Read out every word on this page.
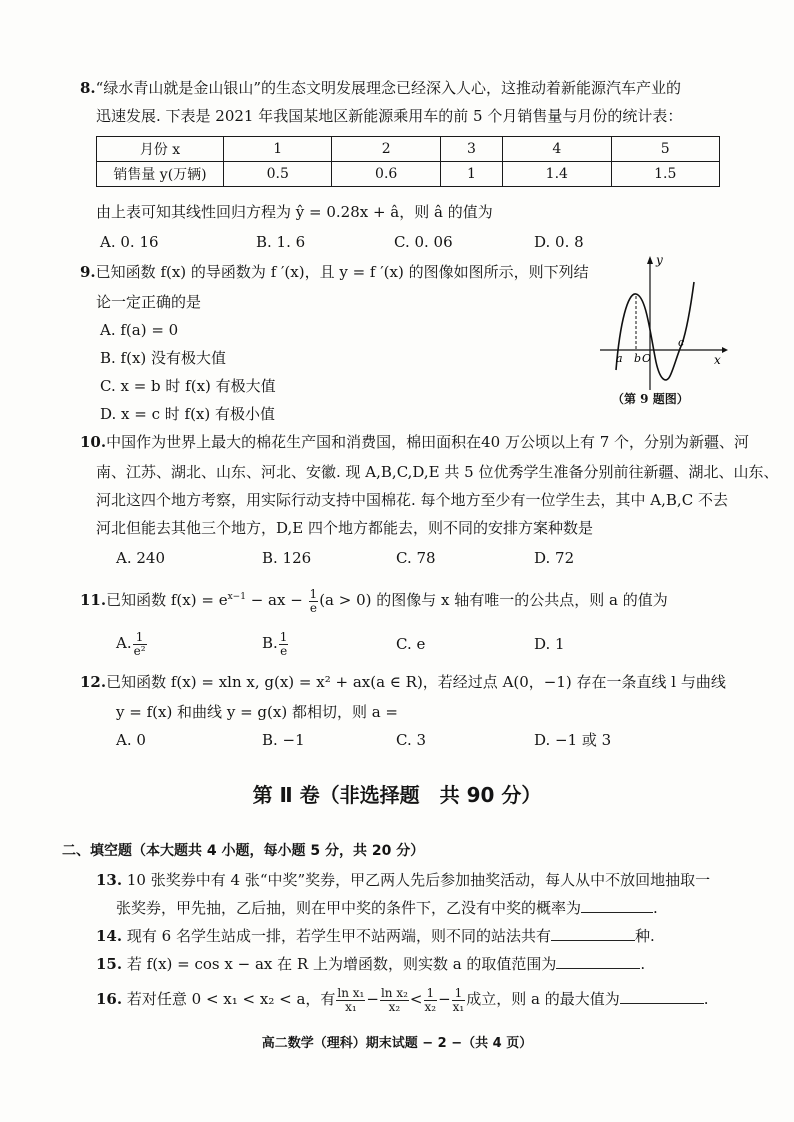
8.“绿水青山就是金山银山”的生态文明发展理念已经深入人心，这推动着新能源汽车产业的
迅速发展. 下表是 2021 年我国某地区新能源乘用车的前 5 个月销售量与月份的统计表：
月份 x	1	2	3	4	5
销售量 y(万辆)	0.5	0.6	1	1.4	1.5
由上表可知其线性回归方程为 ŷ = 0.28x + â，则 â 的值为
A. 0. 16	B. 1. 6	C. 0. 06	D. 0. 8
9.已知函数 f(x) 的导函数为 f ′(x)，且 y = f ′(x) 的图像如图所示，则下列结
论一定正确的是
A. f(a) = 0
B. f(x) 没有极大值
C. x = b 时 f(x) 有极大值
D. x = c 时 f(x) 有极小值
y
x
a b O
c
（第 9 题图）
10.中国作为世界上最大的棉花生产国和消费国，棉田面积在40 万公顷以上有 7 个，分别为新疆、河
南、江苏、湖北、山东、河北、安徽. 现 A,B,C,D,E 共 5 位优秀学生准备分别前往新疆、湖北、山东、
河北这四个地方考察，用实际行动支持中国棉花. 每个地方至少有一位学生去，其中 A,B,C 不去
河北但能去其他三个地方，D,E 四个地方都能去，则不同的安排方案种数是
A. 240	B. 126	C. 78	D. 72
11.已知函数 $f(x) = e^{x-1}$ − ax − $\frac{1}{e} (a > 0)$ 的图像与 x 轴有唯一的公共点，则 a 的值为
A. $\frac{1}{\text{e²}}$	B. $\frac{1}{e}$	C. e	D. 1
12.已知函数 f(x) = xln x, g(x) = x² + ax(a ∈ R)，若经过点 A(0，−1) 存在一条直线 l 与曲线
y = f(x) 和曲线 y = g(x) 都相切，则 a =
A. 0	B. −1	C. 3	D. −1 或 3
第 Ⅱ 卷（非选择题　共 90 分）
二、填空题（本大题共 4 小题，每小题 5 分，共 20 分）
13. 10 张奖券中有 4 张“中奖”奖券，甲乙两人先后参加抽奖活动，每人从中不放回地抽取一
张奖券，甲先抽，乙后抽，则在甲中奖的条件下，乙没有中奖的概率为	.
14. 现有 6 名学生站成一排，若学生甲不站两端，则不同的站法共有	种.
15. 若 f(x) = cos x − ax 在 R 上为增函数，则实数 a 的取值范围为	.
16. 若对任意 0 < x₁ < x₂ < a，有 $\frac{\text{ln x₁}}{\text{x₁}} - \frac{\text{ln x₂}}{\text{x₂}} < \frac{1}{\text{x₂}} - \frac{1}{\text{x₁}}$ 成立，则 a 的最大值为	.
高二数学（理科）期末试题 − 2 −（共 4 页）
